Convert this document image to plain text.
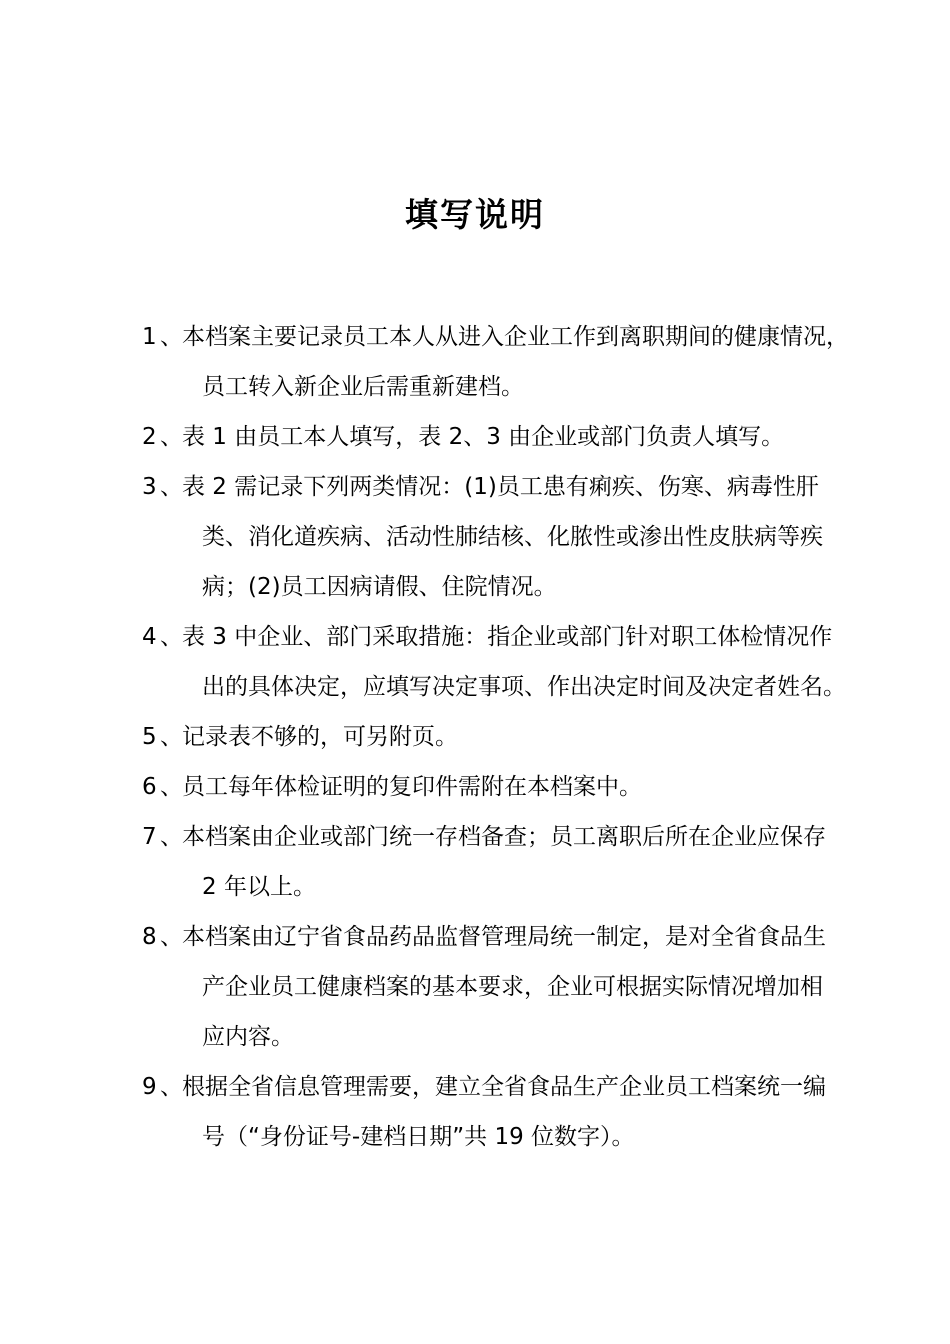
填写说明
1 、 本档案主要记录员工本人从进入企业工作到离职期间的健康情况，
员工转入新企业后需重新建档。
2 、 表 1 由员工本人填写，表 2、3 由企业或部门负责人填写。
3 、 表 2 需记录下列两类情况：(1)员工患有痢疾、伤寒、病毒性肝
类、消化道疾病、活动性肺结核、化脓性或渗出性皮肤病等疾
病；(2)员工因病请假、住院情况。
4 、 表 3 中企业、部门采取措施：指企业或部门针对职工体检情况作
出的具体决定，应填写决定事项、作出决定时间及决定者姓名。
5 、 记录表不够的，可另附页。
6 、 员工每年体检证明的复印件需附在本档案中。
7 、 本档案由企业或部门统一存档备查；员工离职后所在企业应保存
2 年以上。
8 、 本档案由辽宁省食品药品监督管理局统一制定，是对全省食品生
产企业员工健康档案的基本要求，企业可根据实际情况增加相
应内容。
9 、 根据全省信息管理需要，建立全省食品生产企业员工档案统一编
号（“身份证号-建档日期”共 19 位数字）。
